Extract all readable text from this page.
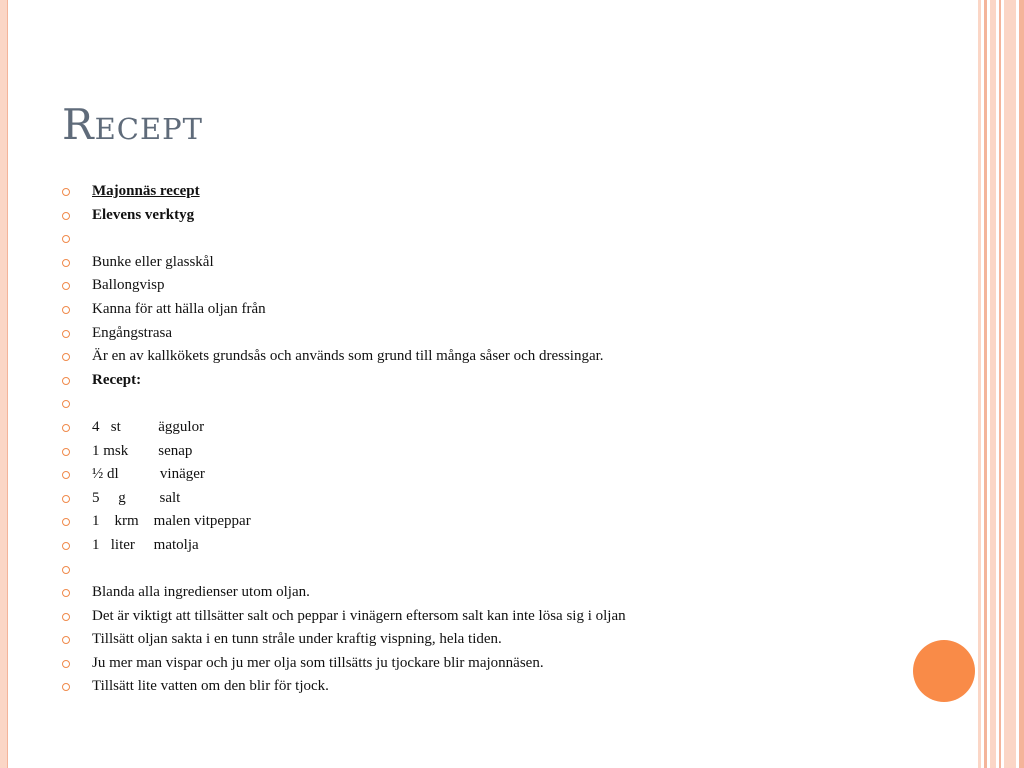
Recept
Majonnäs recept
Elevens verktyg
Bunke eller glasskål
Ballongvisp
Kanna för att hälla oljan från
Engångstrasa
Är en av kallkökets grundsås och används som grund till många såser och dressingar.
Recept:
4   st          äggulor
1 msk        senap
½ dl           vinäger
5     g         salt
1    krm    malen vitpeppar
1   liter     matolja
Blanda alla ingredienser utom oljan.
Det är viktigt att tillsätter salt och peppar i vinägern eftersom salt kan inte lösa sig i oljan
Tillsätt oljan sakta i en tunn stråle under kraftig vispning, hela tiden.
Ju mer man vispar och ju mer olja som tillsätts ju tjockare blir majonnäsen.
Tillsätt lite vatten om den blir för tjock.
